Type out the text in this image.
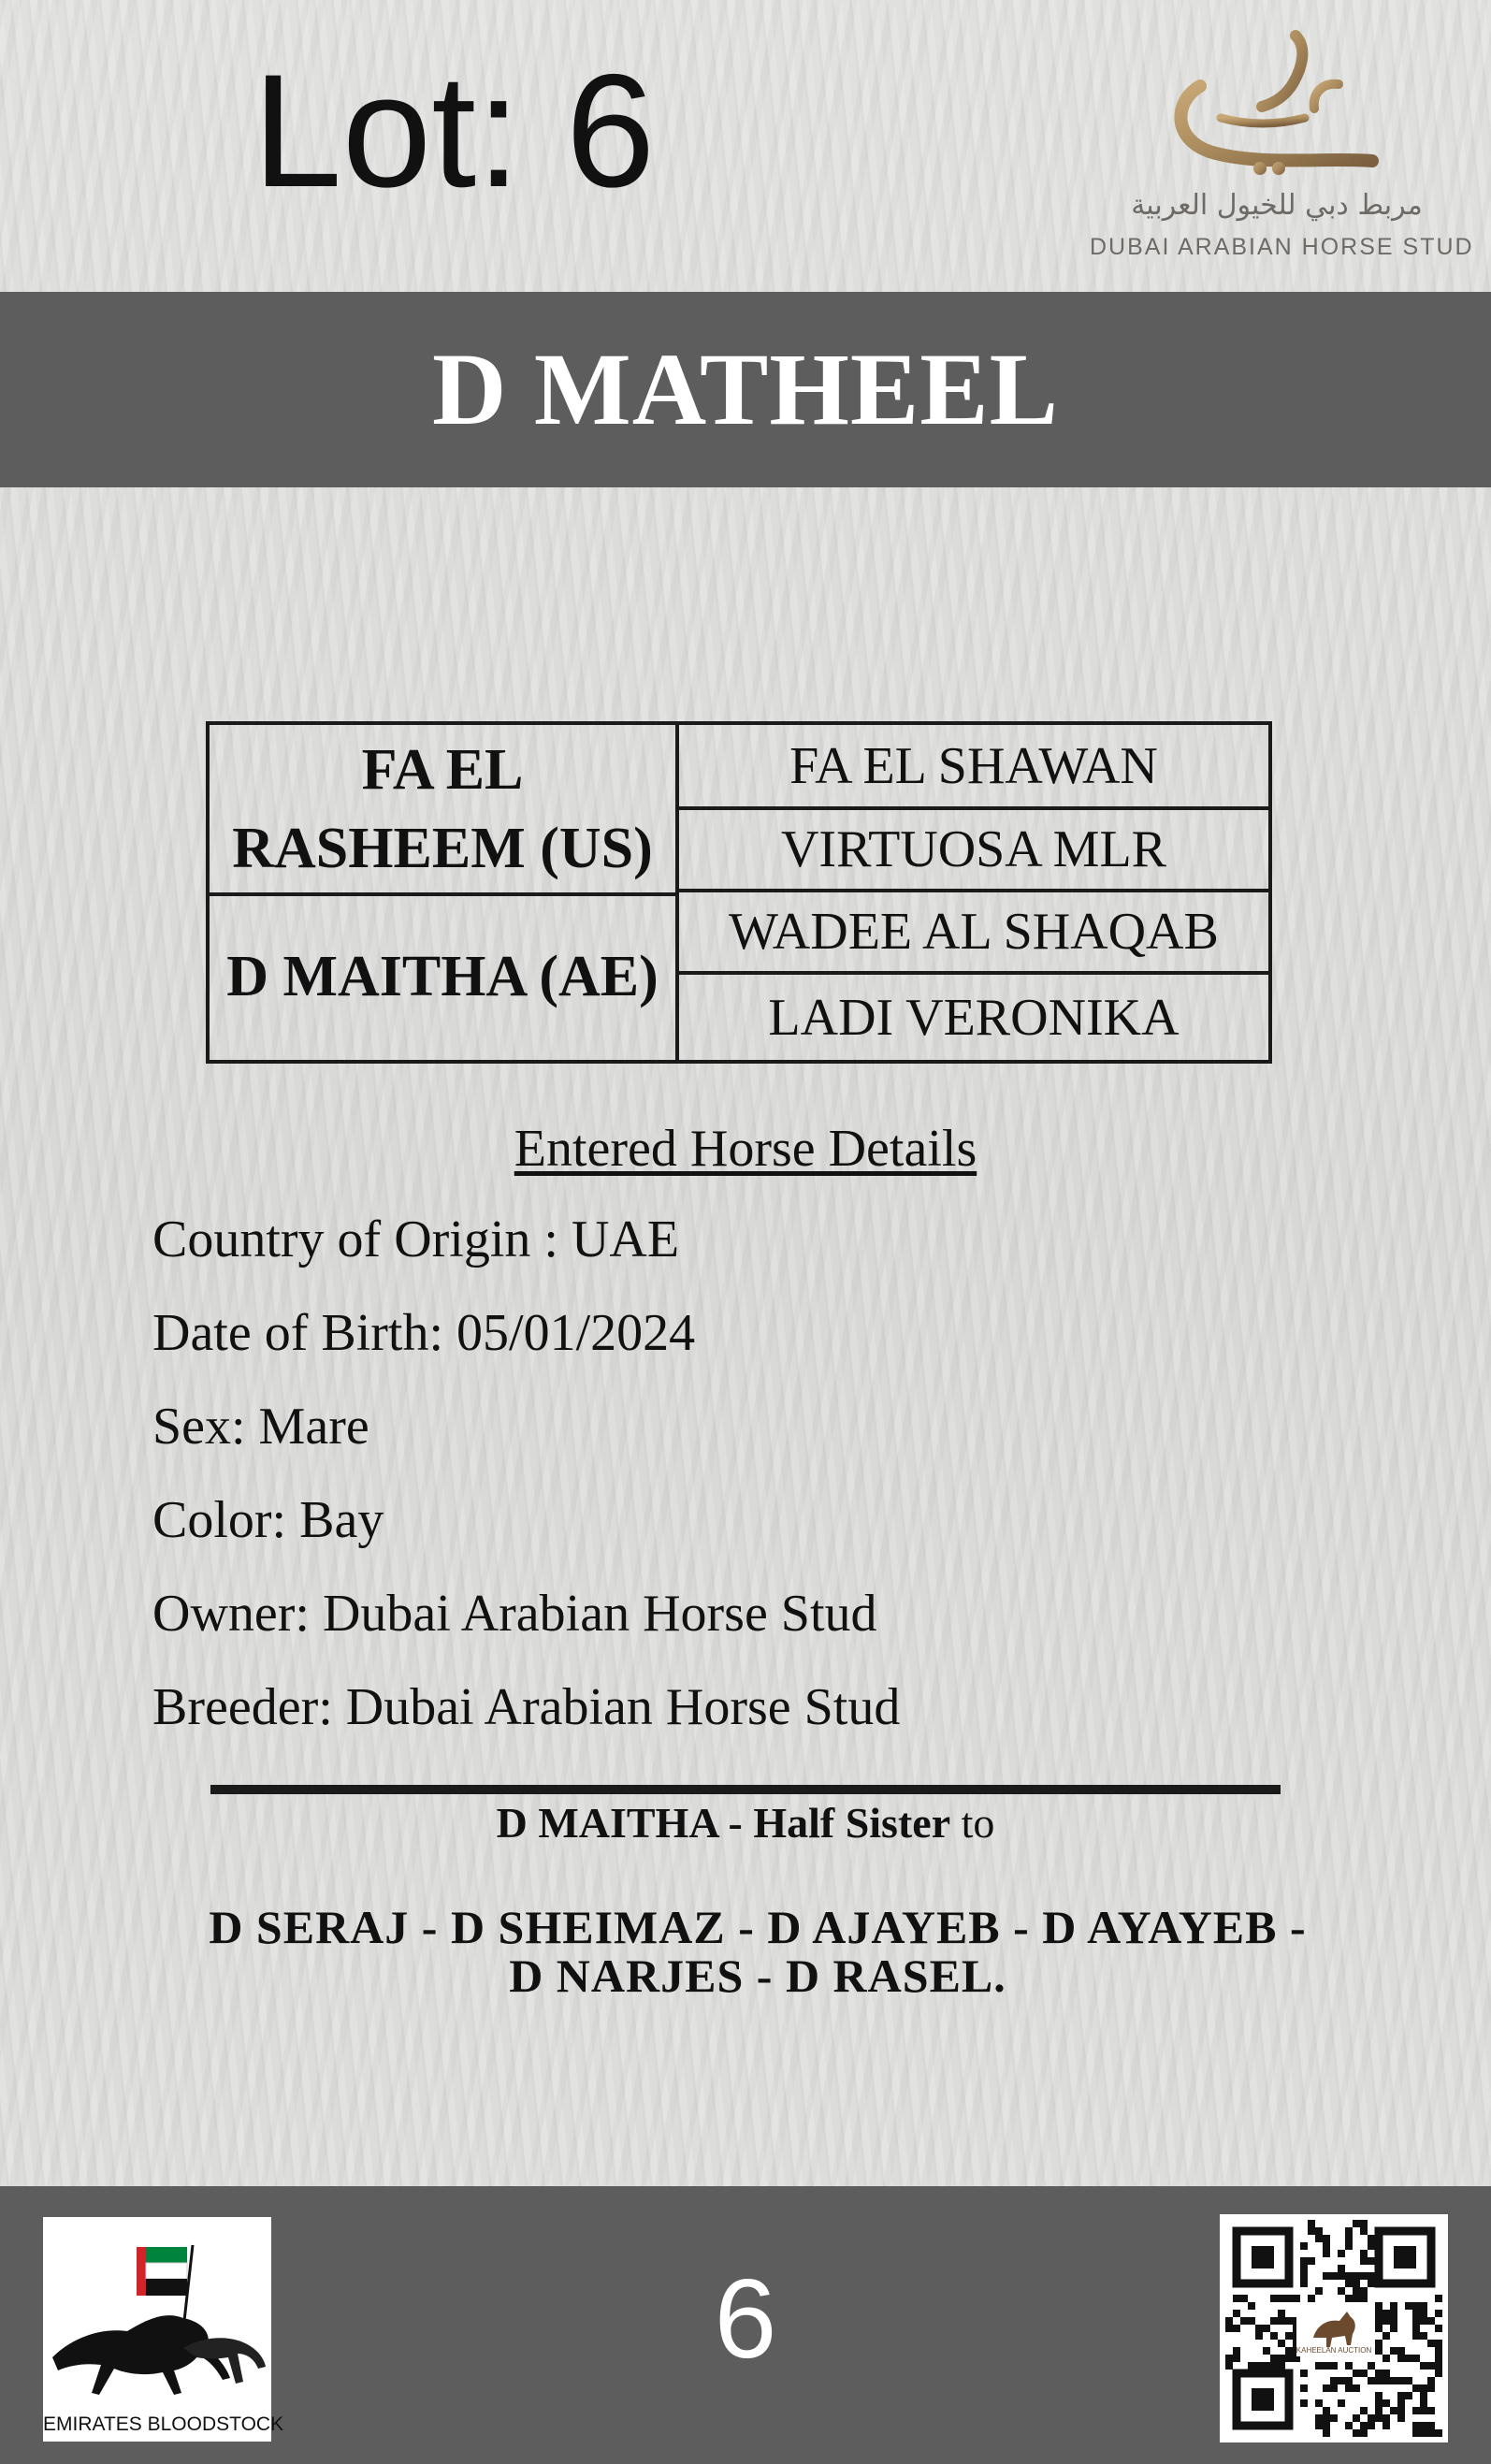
Lot: 6	مربط دبي للخيول العربية
DUBAI ARABIAN HORSE STUD
D MATHEEL
FA EL RASHEEM (US)
D MAITHA (AE)
FA EL SHAWAN
VIRTUOSA MLR
WADEE AL SHAQAB
LADI VERONIKA
Entered Horse Details
Country of Origin : UAE
Date of Birth: 05/01/2024
Sex: Mare
Color: Bay
Owner: Dubai Arabian Horse Stud
Breeder: Dubai Arabian Horse Stud
D MAITHA - Half Sister to
D SERAJ - D SHEIMAZ - D AJAYEB - D AYAYEB - D NARJES - D RASEL.
6
EMIRATES BLOODSTOCK
KAHEELAN AUCTION
